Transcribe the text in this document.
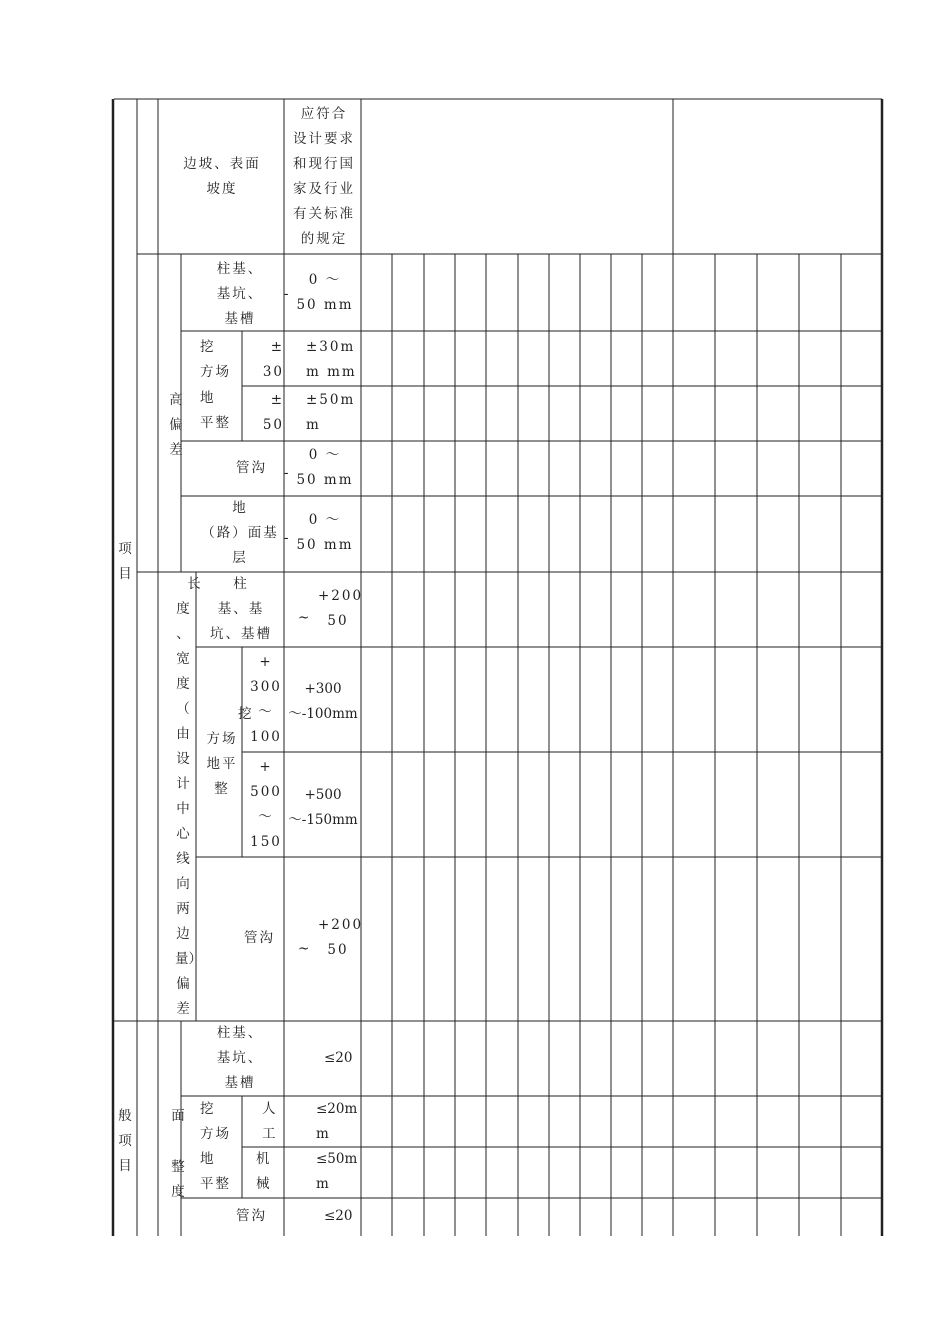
边坡、表面
坡度
应符合
设计要求
和现行国
家及行业
有关标准
的规定
高
偏
差
柱基、
基坑、
基槽
-
0 ～
50 mm
挖
方场
地
平整
±
30
±30m
m mm
±
50
±50m
m
管沟 -
0 ～
50 mm
地
（路）面基
层
-
0 ～
50 mm
长
度
、
宽
度
（
由
设
计
中
心
线
向
两
边
量）
偏
差
柱
基、基
坑、基槽
+200
50
~
挖
方场
地平
整
+
300
～
100
+300
～-100mm
+
500
～
150
+500
～-150mm
管沟
+200
50
~
面
整
度
柱基、
基坑、
基槽
≤20
挖
方场
地
平整
人
工
≤20m
m
机
械
≤50m
m
管沟	≤20
项
目
般
项
目
